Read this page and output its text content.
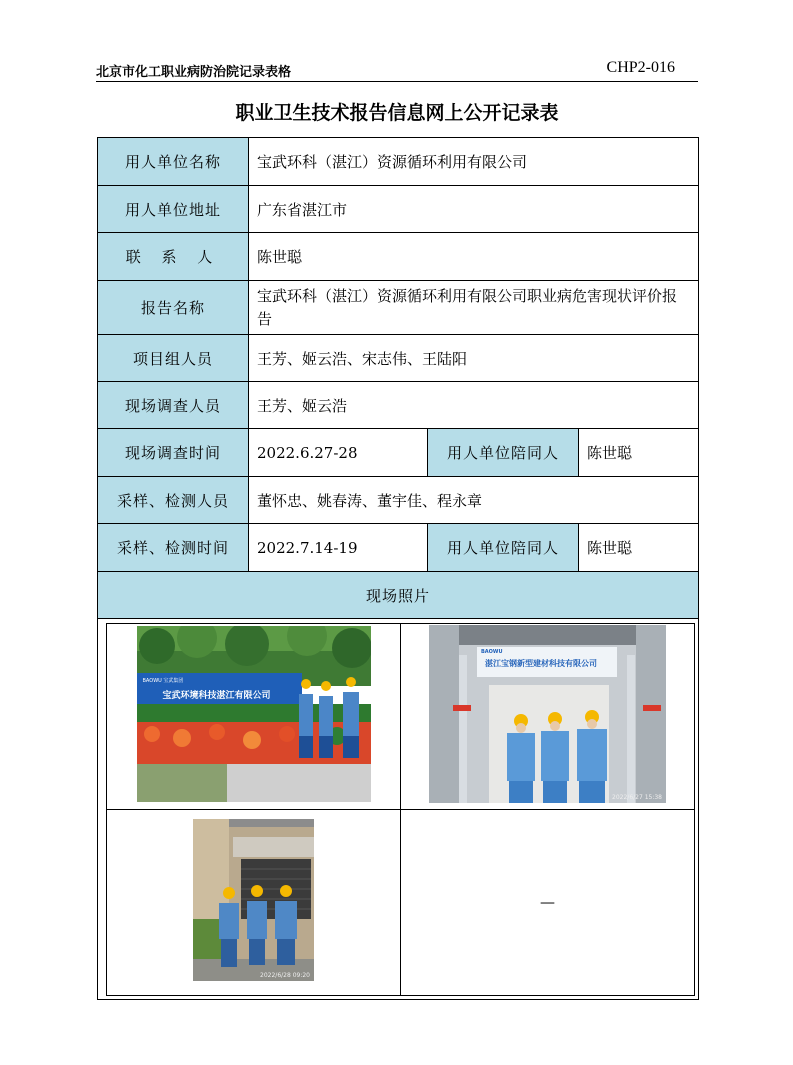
北京市化工职业病防治院记录表格	CHP2-016
职业卫生技术报告信息网上公开记录表
用人单位名称	宝武环科（湛江）资源循环利用有限公司
用人单位地址	广东省湛江市
联 系 人	陈世聪
报告名称	宝武环科（湛江）资源循环利用有限公司职业病危害现状评价报告
项目组人员	王芳、姬云浩、宋志伟、王陆阳
现场调查人员	王芳、姬云浩
现场调查时间	2022.6.27-28	用人单位陪同人	陈世聪
采样、检测人员	董怀忠、姚春涛、董宇佳、程永章
采样、检测时间	2022.7.14-19	用人单位陪同人	陈世聪
现场照片

BAOWU 宝武集团
宝武环境科技湛江有限公司

BAOWU
湛江宝钢新型建材科技有限公司
2022/6/27 15:38

2022/6/28 09:20
	—
